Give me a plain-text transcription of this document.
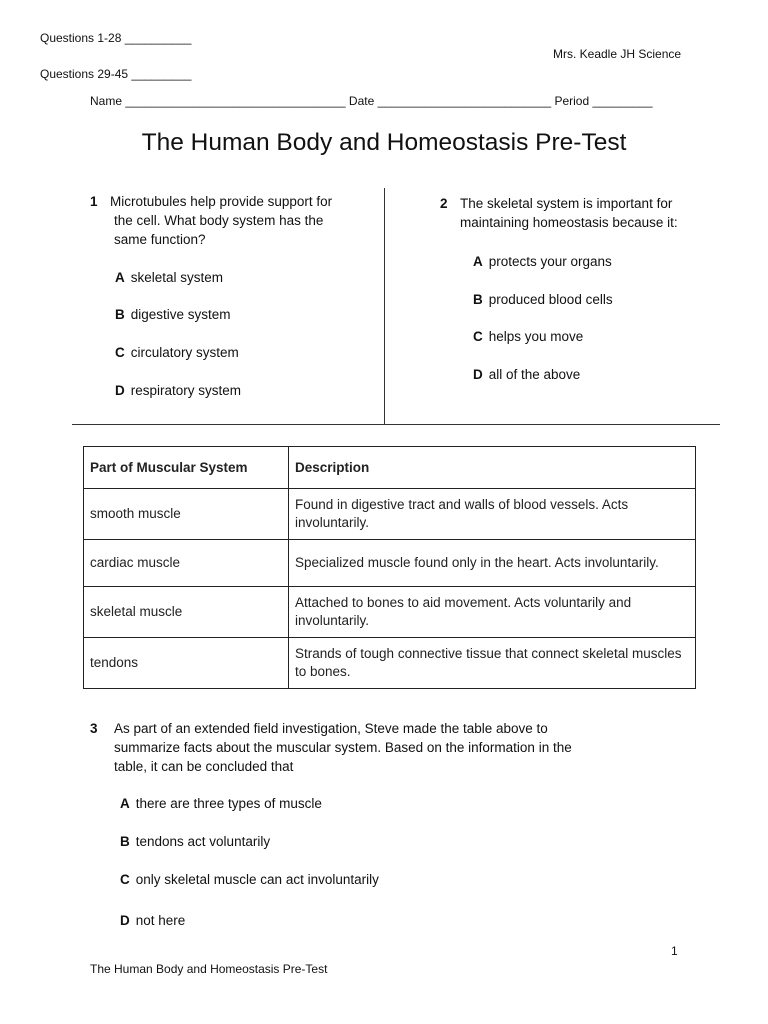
Questions 1-28 __________
Mrs. Keadle JH Science
Questions 29-45 _________
Name _________________________________ Date __________________________ Period _________
The Human Body and Homeostasis Pre-Test
1 Microtubules help provide support for
the cell. What body system has the
same function?
A skeletal system
B digestive system
C circulatory system
D respiratory system
2 The skeletal system is important for
maintaining homeostasis because it:
A protects your organs
B produced blood cells
C helps you move
D all of the above
Part of Muscular System	Description
smooth muscle	Found in digestive tract and walls of blood vessels. Acts involuntarily.
cardiac muscle	Specialized muscle found only in the heart. Acts involuntarily.
skeletal muscle	Attached to bones to aid movement. Acts voluntarily and involuntarily.
tendons	Strands of tough connective tissue that connect skeletal muscles to bones.
3 As part of an extended field investigation, Steve made the table above to
summarize facts about the muscular system. Based on the information in the
table, it can be concluded that
A there are three types of muscle
B tendons act voluntarily
C only skeletal muscle can act involuntarily
D not here
1
The Human Body and Homeostasis Pre-Test
